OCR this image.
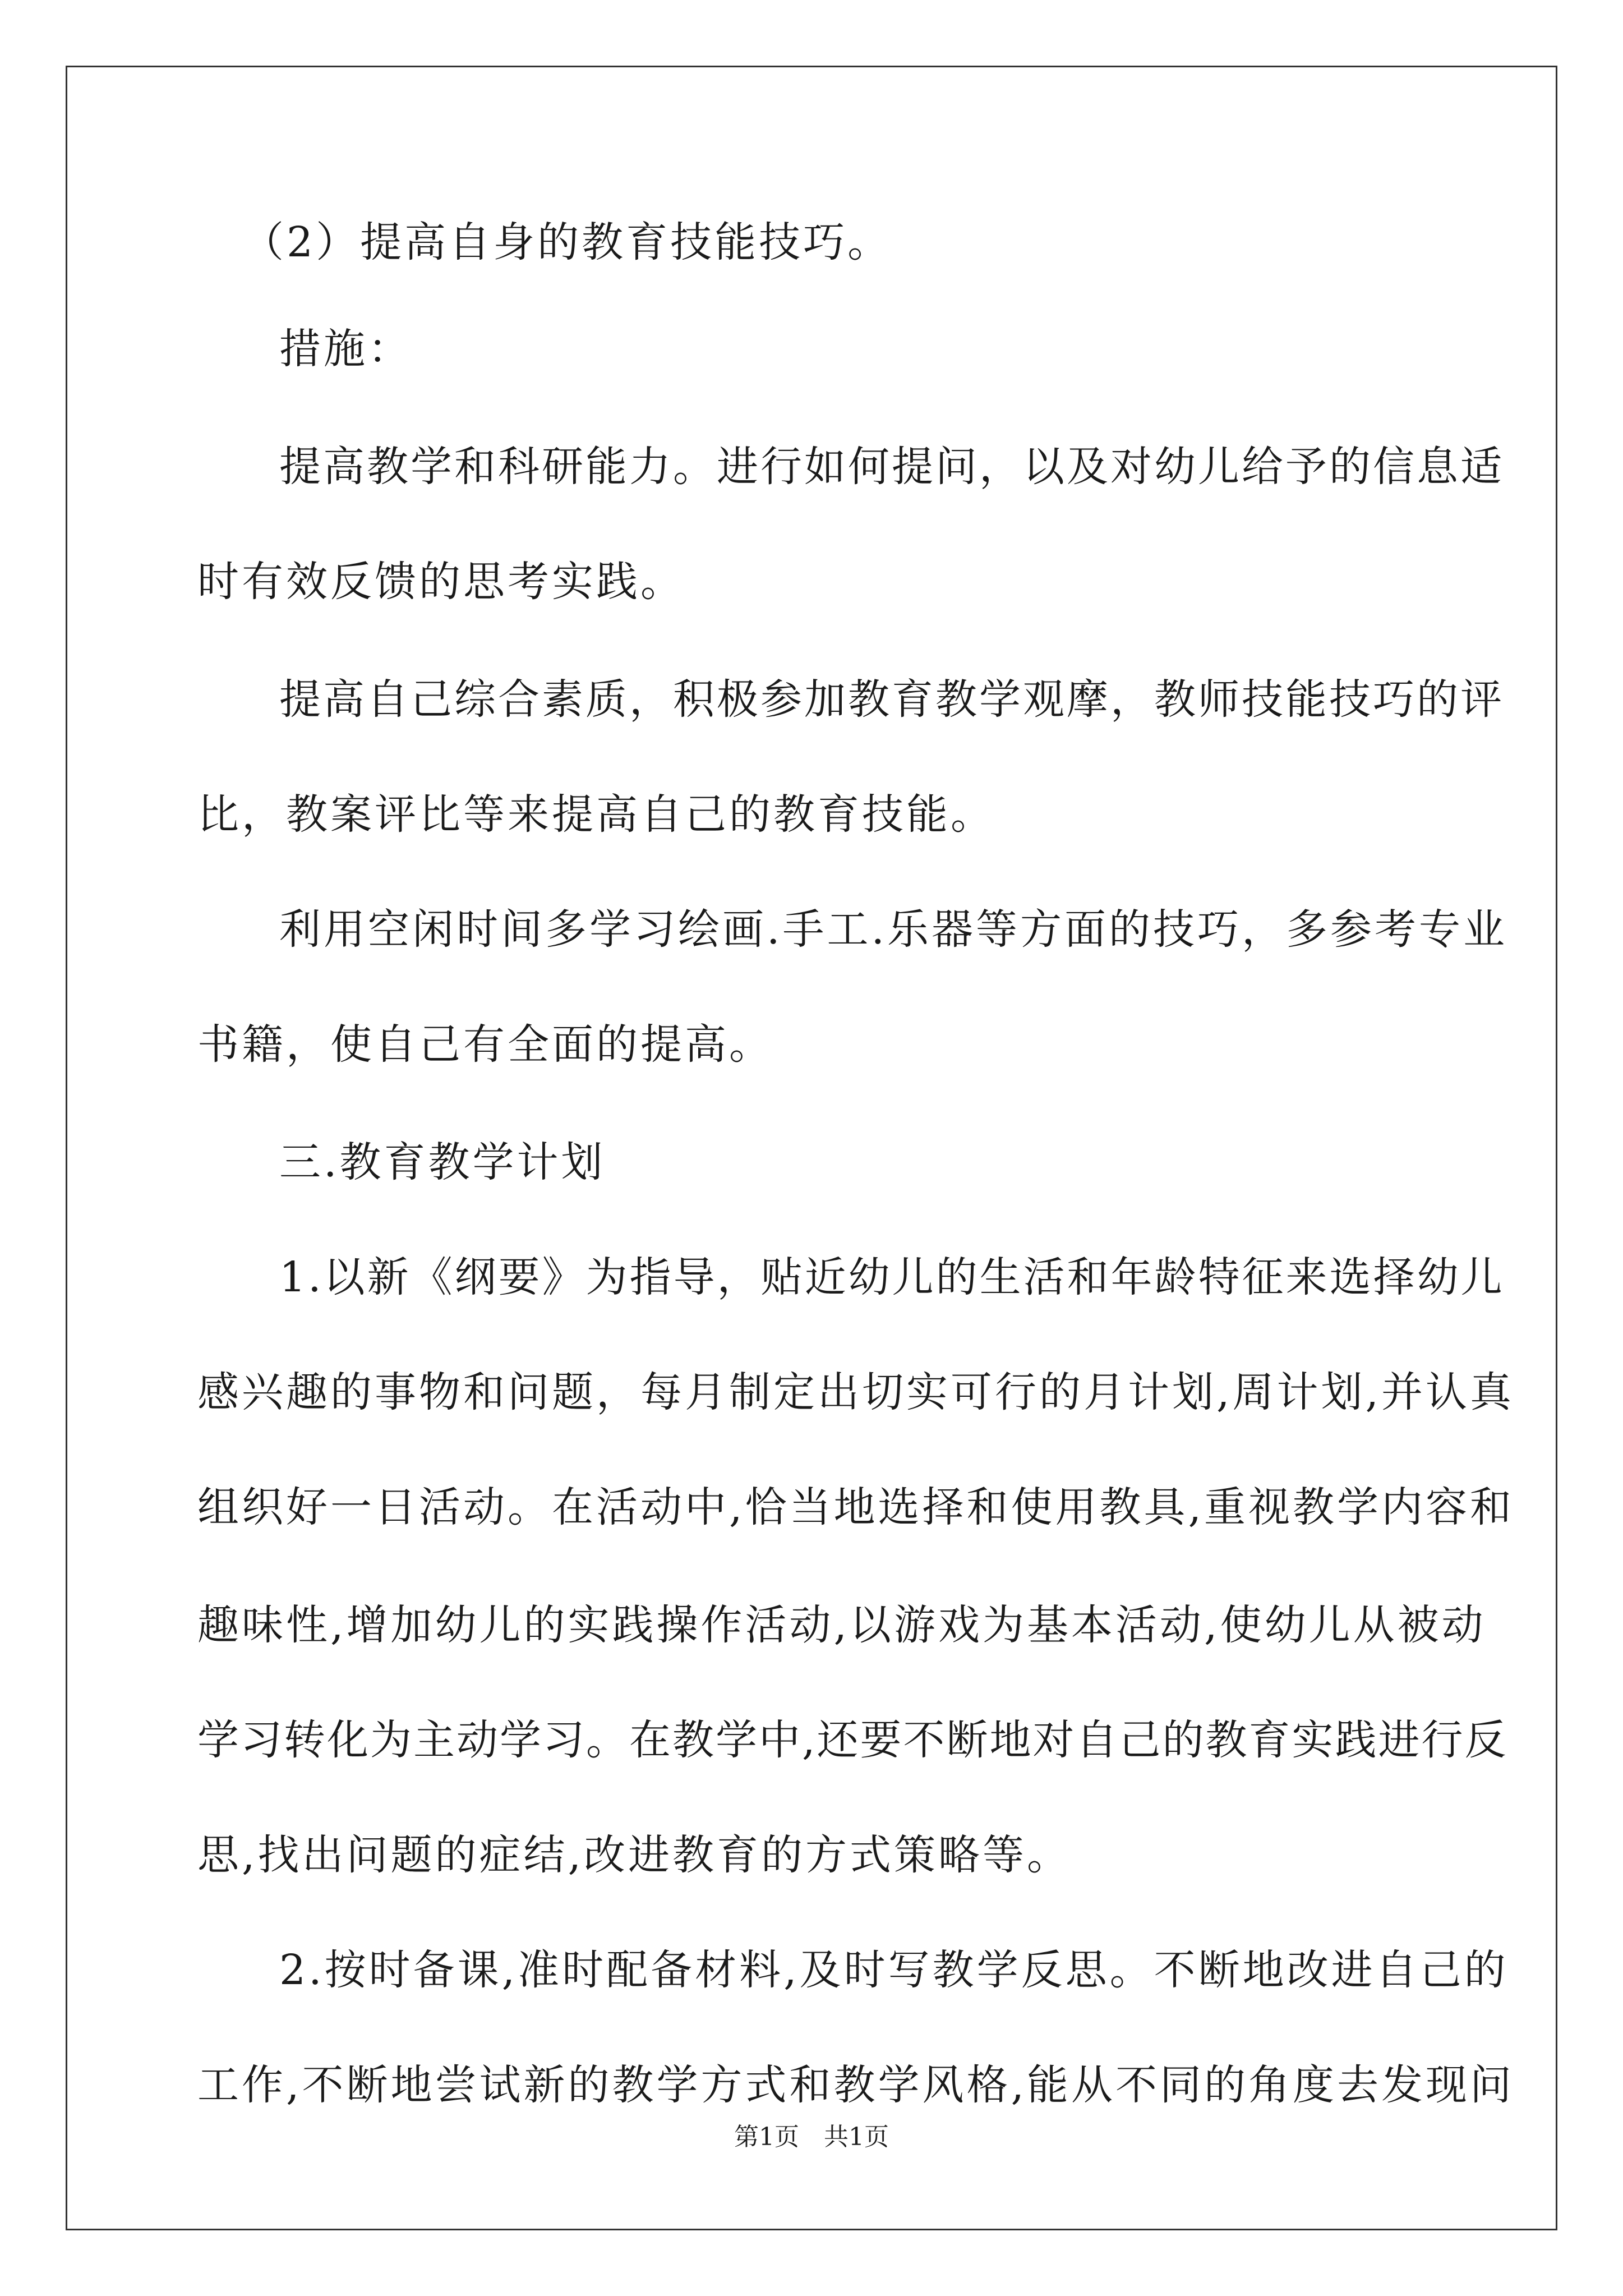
（2）提高自身的教育技能技巧。
措施：
提高教学和科研能力。进行如何提问，以及对幼儿给予的信息适
时有效反馈的思考实践。
提高自己综合素质，积极参加教育教学观摩，教师技能技巧的评
比，教案评比等来提高自己的教育技能。
利用空闲时间多学习绘画.手工.乐器等方面的技巧，多参考专业
书籍，使自己有全面的提高。
三.教育教学计划
1.以新《纲要》为指导，贴近幼儿的生活和年龄特征来选择幼儿
感兴趣的事物和问题，每月制定出切实可行的月计划,周计划,并认真
组织好一日活动。在活动中,恰当地选择和使用教具,重视教学内容和
趣味性,增加幼儿的实践操作活动,以游戏为基本活动,使幼儿从被动
学习转化为主动学习。在教学中,还要不断地对自己的教育实践进行反
思,找出问题的症结,改进教育的方式策略等。
2.按时备课,准时配备材料,及时写教学反思。不断地改进自己的
工作,不断地尝试新的教学方式和教学风格,能从不同的角度去发现问
第1页　共1页
